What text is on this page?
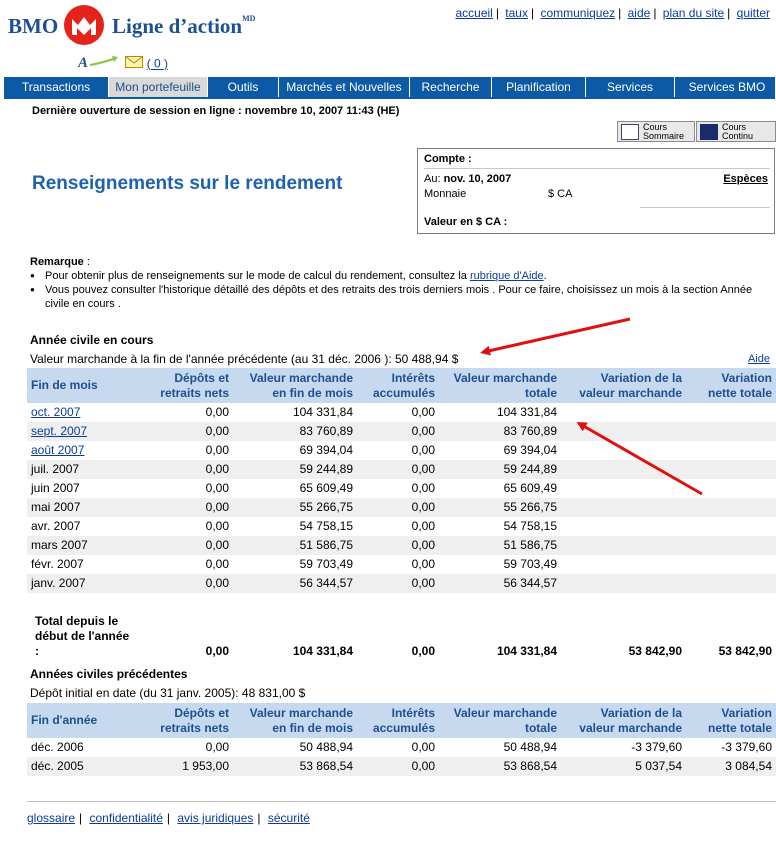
BMO	Ligne d’action$^{MD}$	accueil | taux | communiquez | aide | plan du site | quitter
A	( 0 )
Transactions	Mon portefeuille	Outils	Marchés et Nouvelles	Recherche	Planification	Services	Services BMO
Dernière ouverture de session en ligne : novembre 10, 2007 11:43 (HE)
Cours
Sommaire
Cours
Continu
Renseignements sur le rendement
Compte :
Au: nov. 10, 2007	Espèces
Monnaie	$ CA
Valeur en $ CA :
Remarque :
● Pour obtenir plus de renseignements sur le mode de calcul du rendement, consultez la rubrique d'Aide.
● Vous pouvez consulter l'historique détaillé des dépôts et des retraits des trois derniers mois . Pour ce faire, choisissez un mois à la section Année civile en cours .
Année civile en cours
Valeur marchande à la fin de l'année précédente (au 31 déc. 2006 ): 50 488,94 $	Aide
Fin de mois	Dépôts et retraits nets	Valeur marchande en fin de mois	Intérêts accumulés	Valeur marchande totale	Variation de la valeur marchande	Variation nette totale
oct. 2007	0,00	104 331,84	0,00	104 331,84		
sept. 2007	0,00	83 760,89	0,00	83 760,89		
août 2007	0,00	69 394,04	0,00	69 394,04		
juil. 2007	0,00	59 244,89	0,00	59 244,89		
juin 2007	0,00	65 609,49	0,00	65 609,49		
mai 2007	0,00	55 266,75	0,00	55 266,75		
avr. 2007	0,00	54 758,15	0,00	54 758,15		
mars 2007	0,00	51 586,75	0,00	51 586,75		
févr. 2007	0,00	59 703,49	0,00	59 703,49		
janv. 2007	0,00	56 344,57	0,00	56 344,57		

Total depuis le
début de l'année :	0,00	104 331,84	0,00	104 331,84	53 842,90	53 842,90
Années civiles précédentes
Dépôt initial en date (du 31 janv. 2005): 48 831,00 $
Fin d'année	Dépôts et retraits nets	Valeur marchande en fin de mois	Intérêts accumulés	Valeur marchande totale	Variation de la valeur marchande	Variation nette totale
déc. 2006	0,00	50 488,94	0,00	50 488,94	-3 379,60	-3 379,60
déc. 2005	1 953,00	53 868,54	0,00	53 868,54	5 037,54	3 084,54
glossaire | confidentialité | avis juridiques | sécurité
